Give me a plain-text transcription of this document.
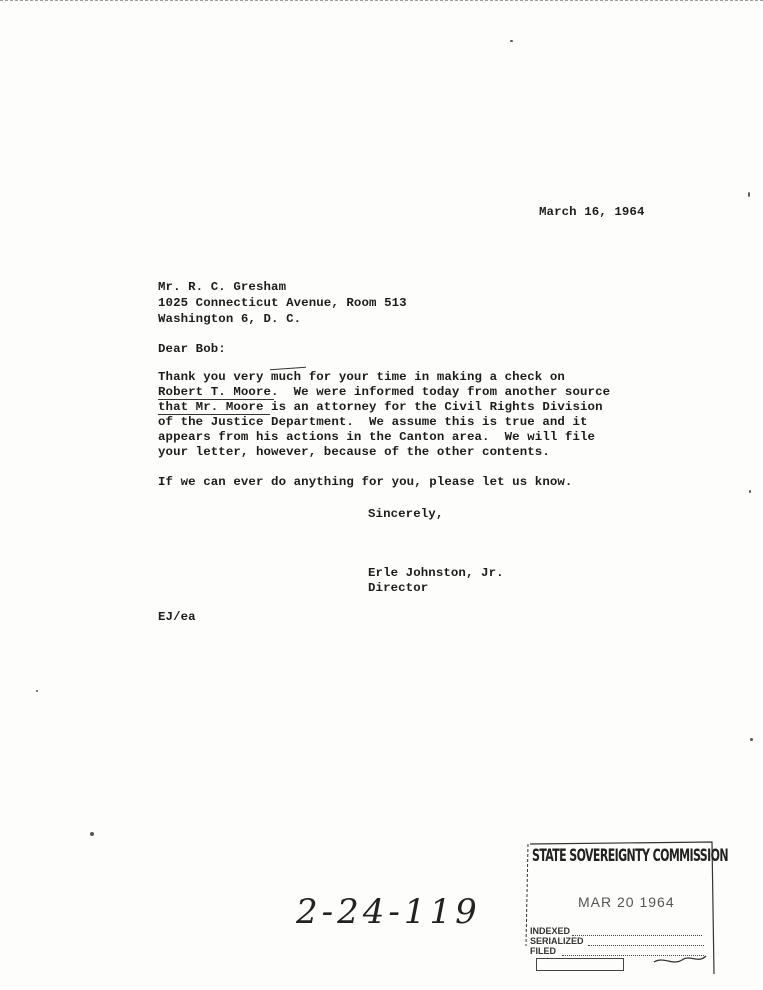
March 16, 1964
Mr. R. C. Gresham
1025 Connecticut Avenue, Room 513
Washington 6, D. C.
Dear Bob:
Thank you very much for your time in making a check on
Robert T. Moore.  We were informed today from another source
that Mr. Moore is an attorney for the Civil Rights Division
of the Justice Department.  We assume this is true and it
appears from his actions in the Canton area.  We will file
your letter, however, because of the other contents.
If we can ever do anything for you, please let us know.
Sincerely,
Erle Johnston, Jr.
Director
EJ/ea
2-24-119
STATE SOVEREIGNTY COMMISSION
MAR 20 1964
INDEXED
SERIALIZED
FILED
